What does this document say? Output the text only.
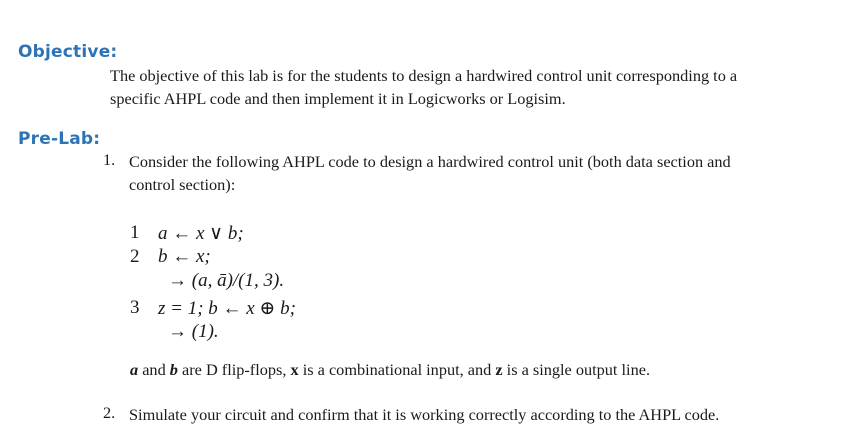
Objective:
The objective of this lab is for the students to design a hardwired control unit corresponding to a
specific AHPL code and then implement it in Logicworks or Logisim.
Pre-Lab:
1. Consider the following AHPL code to design a hardwired control unit (both data section and
control section):
1 a ← x ∨ b;
2 b ← x;
→ (a, ā)/(1, 3).
3 z = 1; b ← x ⊕ b;
→ (1).
a and b are D flip-flops, x is a combinational input, and z is a single output line.
2. Simulate your circuit and confirm that it is working correctly according to the AHPL code.
